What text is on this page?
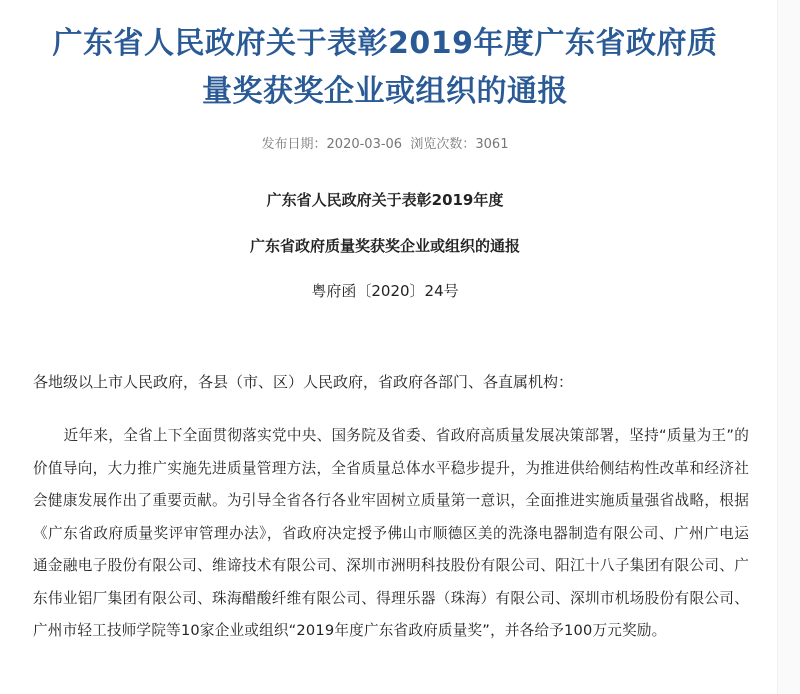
广东省人民政府关于表彰2019年度广东省政府质
量奖获奖企业或组织的通报
发布日期：2020-03-06 浏览次数：3061
广东省人民政府关于表彰2019年度
广东省政府质量奖获奖企业或组织的通报
粤府函〔2020〕24号
各地级以上市人民政府，各县（市、区）人民政府，省政府各部门、各直属机构：

近年来，全省上下全面贯彻落实党中央、国务院及省委、省政府高质量发展决策部署，坚持“质量为王”的价值导向，大力推广实施先进质量管理方法，全省质量总体水平稳步提升，为推进供给侧结构性改革和经济社会健康发展作出了重要贡献。为引导全省各行各业牢固树立质量第一意识，全面推进实施质量强省战略，根据《广东省政府质量奖评审管理办法》，省政府决定授予佛山市顺德区美的洗涤电器制造有限公司、广州广电运通金融电子股份有限公司、维谛技术有限公司、深圳市洲明科技股份有限公司、阳江十八子集团有限公司、广东伟业铝厂集团有限公司、珠海醋酸纤维有限公司、得理乐器（珠海）有限公司、深圳市机场股份有限公司、广州市轻工技师学院等10家企业或组织“2019年度广东省政府质量奖”，并各给予100万元奖励。
